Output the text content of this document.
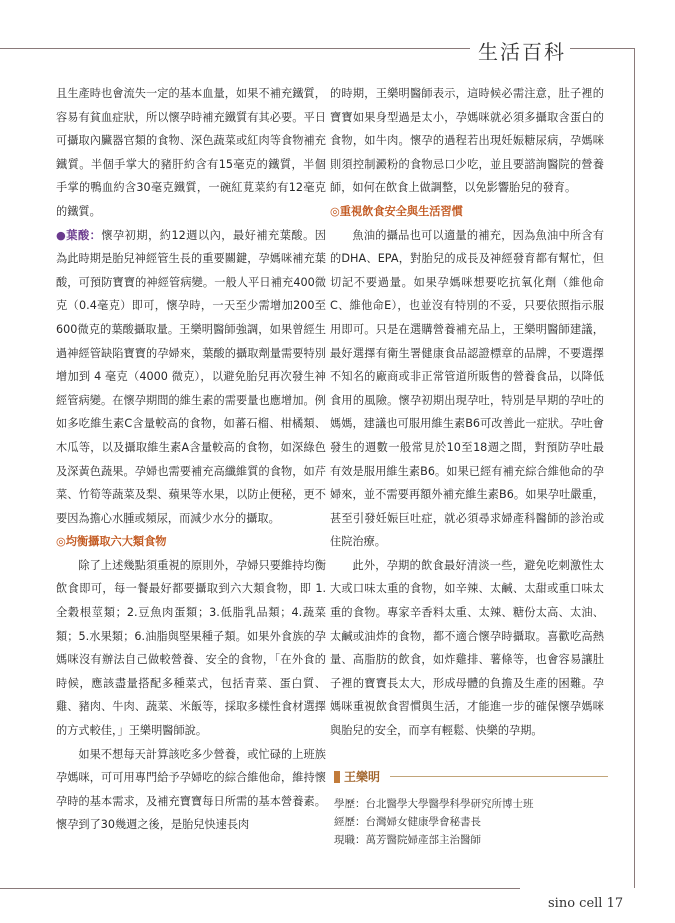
生活百科

且生產時也會流失一定的基本血量，如果不補充鐵質，容易有貧血症狀，所以懷孕時補充鐵質有其必要。平日可攝取內臟器官類的食物、深色蔬菜或紅肉等食物補充鐵質。半個手掌大的豬肝約含有15毫克的鐵質，半個手掌的鴨血約含30毫克鐵質，一碗紅莧菜約有12毫克的鐵質。

●葉酸：懷孕初期，約12週以內，最好補充葉酸。因為此時期是胎兒神經管生長的重要關鍵，孕媽咪補充葉酸，可預防寶寶的神經管病變。一般人平日補充400微克（0.4毫克）即可，懷孕時，一天至少需增加200至600微克的葉酸攝取量。王樂明醫師強調，如果曾經生過神經管缺陷寶寶的孕婦來，葉酸的攝取劑量需要特別增加到 4 毫克（4000 微克），以避免胎兒再次發生神經管病變。在懷孕期間的維生素的需要量也應增加。例如多吃維生素C含量較高的食物，如蕃石榴、柑橘類、木瓜等，以及攝取維生素A含量較高的食物，如深綠色及深黃色蔬果。孕婦也需要補充高纖維質的食物，如芹菜、竹筍等蔬菜及梨、蘋果等水果，以防止便秘，更不要因為擔心水腫或頻尿，而減少水分的攝取。

◎均衡攝取六大類食物

除了上述幾點須重視的原則外，孕婦只要維持均衡飲食即可，每一餐最好都要攝取到六大類食物，即 1. 全穀根莖類；2.豆魚肉蛋類；3.低脂乳品類；4.蔬菜類；5.水果類；6.油脂與堅果種子類。如果外食族的孕媽咪沒有辦法自己做較營養、安全的食物，「在外食的時候，應該盡量搭配多種菜式，包括青菜、蛋白質、雞、豬肉、牛肉、蔬菜、米飯等，採取多樣性食材選擇的方式較佳，」王樂明醫師說。

如果不想每天計算該吃多少營養，或忙碌的上班族孕媽咪，可可用專門給予孕婦吃的綜合維他命，維持懷孕時的基本需求，及補充寶寶每日所需的基本營養素。懷孕到了30幾週之後，是胎兒快速長肉

的時期，王樂明醫師表示，這時候必需注意，肚子裡的寶寶如果身型過是太小，孕媽咪就必須多攝取含蛋白的食物，如牛肉。懷孕的過程若出現妊娠糖尿病，孕媽咪則須控制澱粉的食物忌口少吃，並且要諮詢醫院的營養師，如何在飲食上做調整，以免影響胎兒的發育。

◎重視飲食安全與生活習慣

魚油的攝品也可以適量的補充，因為魚油中所含有的DHA、EPA，對胎兒的成長及神經發育都有幫忙，但切記不要過量。如果孕媽咪想要吃抗氧化劑（維他命C、維他命E），也並沒有特別的不妥，只要依照指示服用即可。只是在選購營養補充品上，王樂明醫師建議，最好選擇有衛生署健康食品認證標章的品牌，不要選擇不知名的廠商或非正常管道所販售的營養食品，以降低食用的風險。懷孕初期出現孕吐，特別是早期的孕吐的媽媽，建議也可服用維生素B6可改善此一症狀。孕吐會發生的週數一般常見於10至18週之間，對預防孕吐最有效是服用維生素B6。如果已經有補充綜合維他命的孕婦來，並不需要再額外補充維生素B6。如果孕吐嚴重，甚至引發妊娠巨吐症，就必須尋求婦產科醫師的診治或住院治療。

此外，孕期的飲食最好清淡一些，避免吃刺激性太大或口味太重的食物，如辛辣、太鹹、太甜或重口味太重的食物。專家辛香料太重、太辣、糖份太高、太油、太鹹或油炸的食物，都不適合懷孕時攝取。喜歡吃高熱量、高脂肪的飲食，如炸雞排、薯條等，也會容易讓肚子裡的寶寶長太大，形成母體的負擔及生產的困難。孕媽咪重視飲食習慣與生活，才能進一步的確保懷孕媽咪與胎兒的安全，而享有輕鬆、快樂的孕期。

王樂明
學歷：台北醫學大學醫學科學研究所博士班
經歷：台灣婦女健康學會秘書長
現職：萬芳醫院婦產部主治醫師
sino cell 17
